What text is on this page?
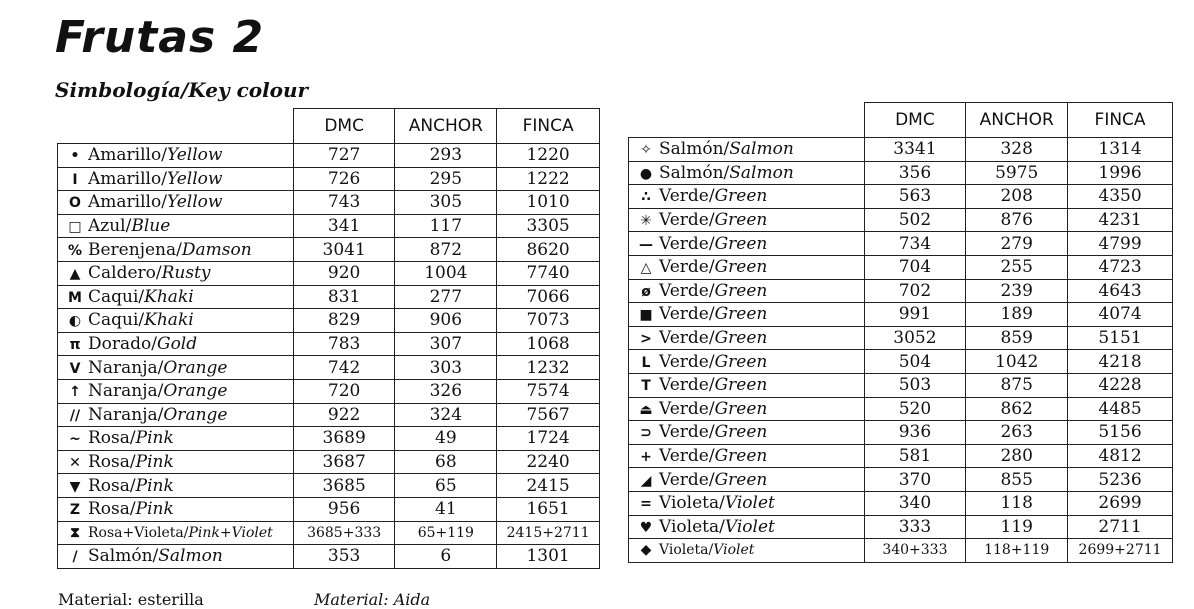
Frutas 2
Simbología/Key colour
	DMC	ANCHOR	FINCA
• Amarillo/Yellow	727	293	1220
I Amarillo/Yellow	726	295	1222
O Amarillo/Yellow	743	305	1010
□ Azul/Blue	341	117	3305
% Berenjena/Damson	3041	872	8620
▲ Caldero/Rusty	920	1004	7740
M Caqui/Khaki	831	277	7066
◐ Caqui/Khaki	829	906	7073
π Dorado/Gold	783	307	1068
V Naranja/Orange	742	303	1232
↑ Naranja/Orange	720	326	7574
// Naranja/Orange	922	324	7567
~ Rosa/Pink	3689	49	1724
✕ Rosa/Pink	3687	68	2240
▼ Rosa/Pink	3685	65	2415
Z Rosa/Pink	956	41	1651
⧗ Rosa+Violeta/Pink+Violet	3685+333	65+119	2415+2711
/ Salmón/Salmon	353	6	1301
	DMC	ANCHOR	FINCA
✧ Salmón/Salmon	3341	328	1314
● Salmón/Salmon	356	5975	1996
∴ Verde/Green	563	208	4350
✳ Verde/Green	502	876	4231
— Verde/Green	734	279	4799
△ Verde/Green	704	255	4723
ø Verde/Green	702	239	4643
■ Verde/Green	991	189	4074
> Verde/Green	3052	859	5151
L Verde/Green	504	1042	4218
T Verde/Green	503	875	4228
⏏ Verde/Green	520	862	4485
⊃ Verde/Green	936	263	5156
+ Verde/Green	581	280	4812
◢ Verde/Green	370	855	5236
= Violeta/Violet	340	118	2699
♥ Violeta/Violet	333	119	2711
◆ Violeta/Violet	340+333	118+119	2699+2711
Material: esterilla	Material: Aida
